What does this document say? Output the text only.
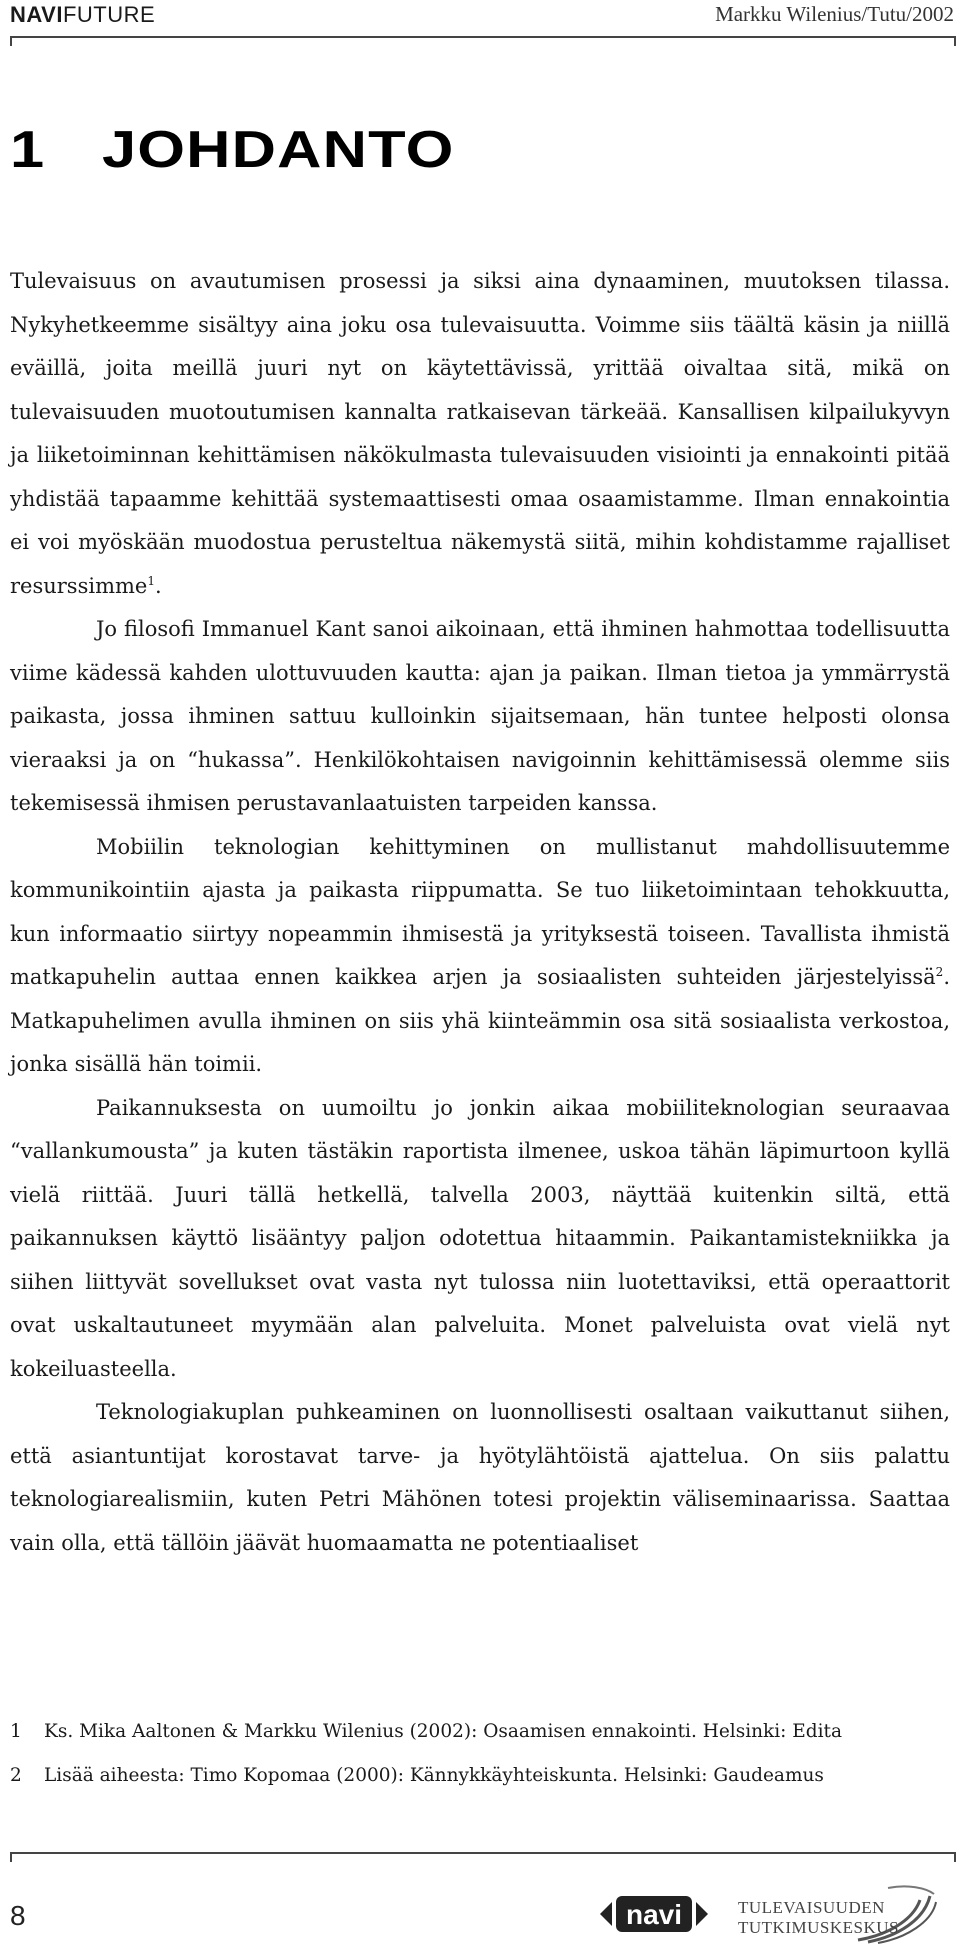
NAVIFUTURE	Markku Wilenius/Tutu/2002
1 JOHDANTO

Tulevaisuus on avautumisen prosessi ja siksi aina dynaaminen, muutoksen tilassa. Nykyhetkeemme sisältyy aina joku osa tulevaisuutta. Voimme siis täältä käsin ja niillä eväillä, joita meillä juuri nyt on käytettävissä, yrittää oivaltaa sitä, mikä on tulevaisuuden muotoutumisen kannalta ratkaisevan tärkeää. Kansallisen kilpailukyvyn ja liiketoiminnan kehittämisen näkökulmasta tulevaisuuden visiointi ja ennakointi pitää yhdistää tapaamme kehittää systemaattisesti omaa osaamistamme. Ilman ennakointia ei voi myöskään muodostua perusteltua näkemystä siitä, mihin kohdistamme rajalliset resurssimme$^1$.

Jo filosofi Immanuel Kant sanoi aikoinaan, että ihminen hahmottaa todellisuutta viime kädessä kahden ulottuvuuden kautta: ajan ja paikan. Ilman tietoa ja ymmärrystä paikasta, jossa ihminen sattuu kulloinkin sijaitsemaan, hän tuntee helposti olonsa vieraaksi ja on “hukassa”. Henkilökohtaisen navigoinnin kehittämisessä olemme siis tekemisessä ihmisen perustavanlaatuisten tarpeiden kanssa.

Mobiilin teknologian kehittyminen on mullistanut mahdollisuutemme kommunikointiin ajasta ja paikasta riippumatta. Se tuo liiketoimintaan tehokkuutta, kun informaatio siirtyy nopeammin ihmisestä ja yrityksestä toiseen. Tavallista ihmistä matkapuhelin auttaa ennen kaikkea arjen ja sosiaalisten suhteiden järjestelyissä$^2$. Matkapuhelimen avulla ihminen on siis yhä kiinteämmin osa sitä sosiaalista verkostoa, jonka sisällä hän toimii.

Paikannuksesta on uumoiltu jo jonkin aikaa mobiiliteknologian seuraavaa “vallankumousta” ja kuten tästäkin raportista ilmenee, uskoa tähän läpimurtoon kyllä vielä riittää. Juuri tällä hetkellä, talvella 2003, näyttää kuitenkin siltä, että paikannuksen käyttö lisääntyy paljon odotettua hitaammin. Paikantamistekniikka ja siihen liittyvät sovellukset ovat vasta nyt tulossa niin luotettaviksi, että operaattorit ovat uskaltautuneet myymään alan palveluita. Monet palveluista ovat vielä nyt kokeiluasteella.

Teknologiakuplan puhkeaminen on luonnollisesti osaltaan vaikuttanut siihen, että asiantuntijat korostavat tarve- ja hyötylähtöistä ajattelua. On siis palattu teknologiarealismiin, kuten Petri Mähönen totesi projektin väliseminaarissa. Saattaa vain olla, että tällöin jäävät huomaamatta ne potentiaaliset

1	Ks. Mika Aaltonen & Markku Wilenius (2002): Osaamisen ennakointi. Helsinki: Edita
2	Lisää aiheesta: Timo Kopomaa (2000): Kännykkäyhteiskunta. Helsinki: Gaudeamus
8	navi	TULEVAISUUDEN
TUTKIMUSKESKUS
